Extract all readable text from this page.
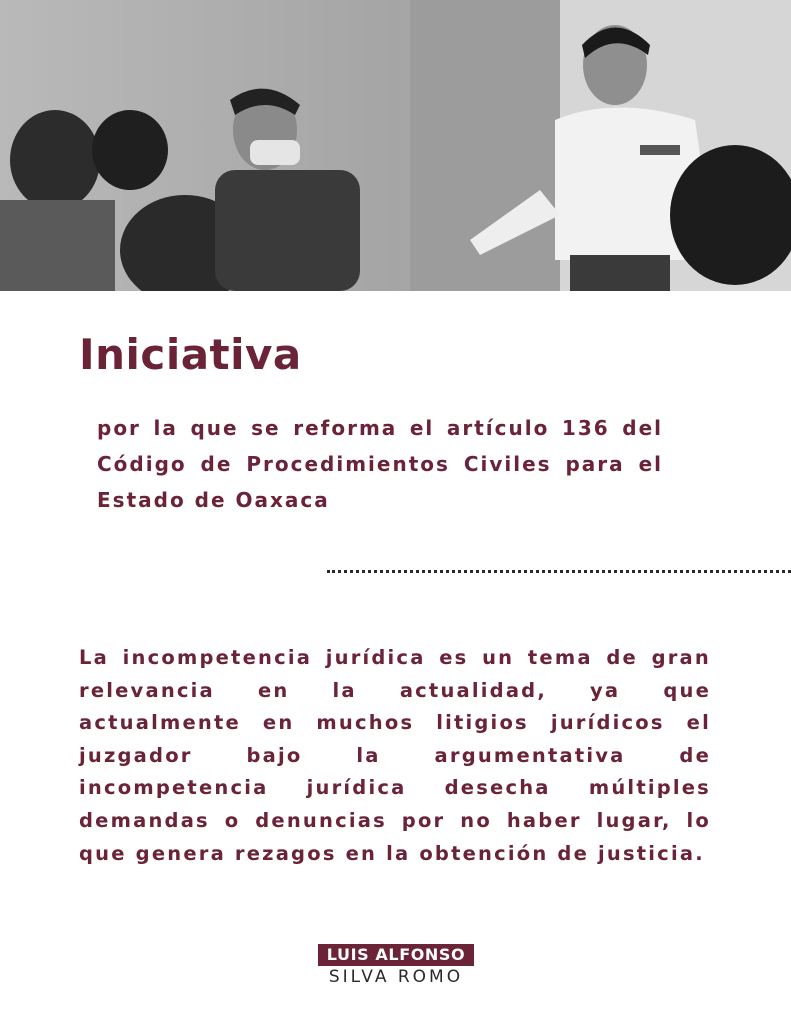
Iniciativa

por la que se reforma el artículo 136 del Código de Procedimientos Civiles para el Estado de Oaxaca

La incompetencia jurídica es un tema de gran relevancia en la actualidad, ya que actualmente en muchos litigios jurídicos el juzgador bajo la argumentativa de incompetencia jurídica desecha múltiples demandas o denuncias por no haber lugar, lo que genera rezagos en la obtención de justicia.

LUIS ALFONSO
SILVA ROMO
